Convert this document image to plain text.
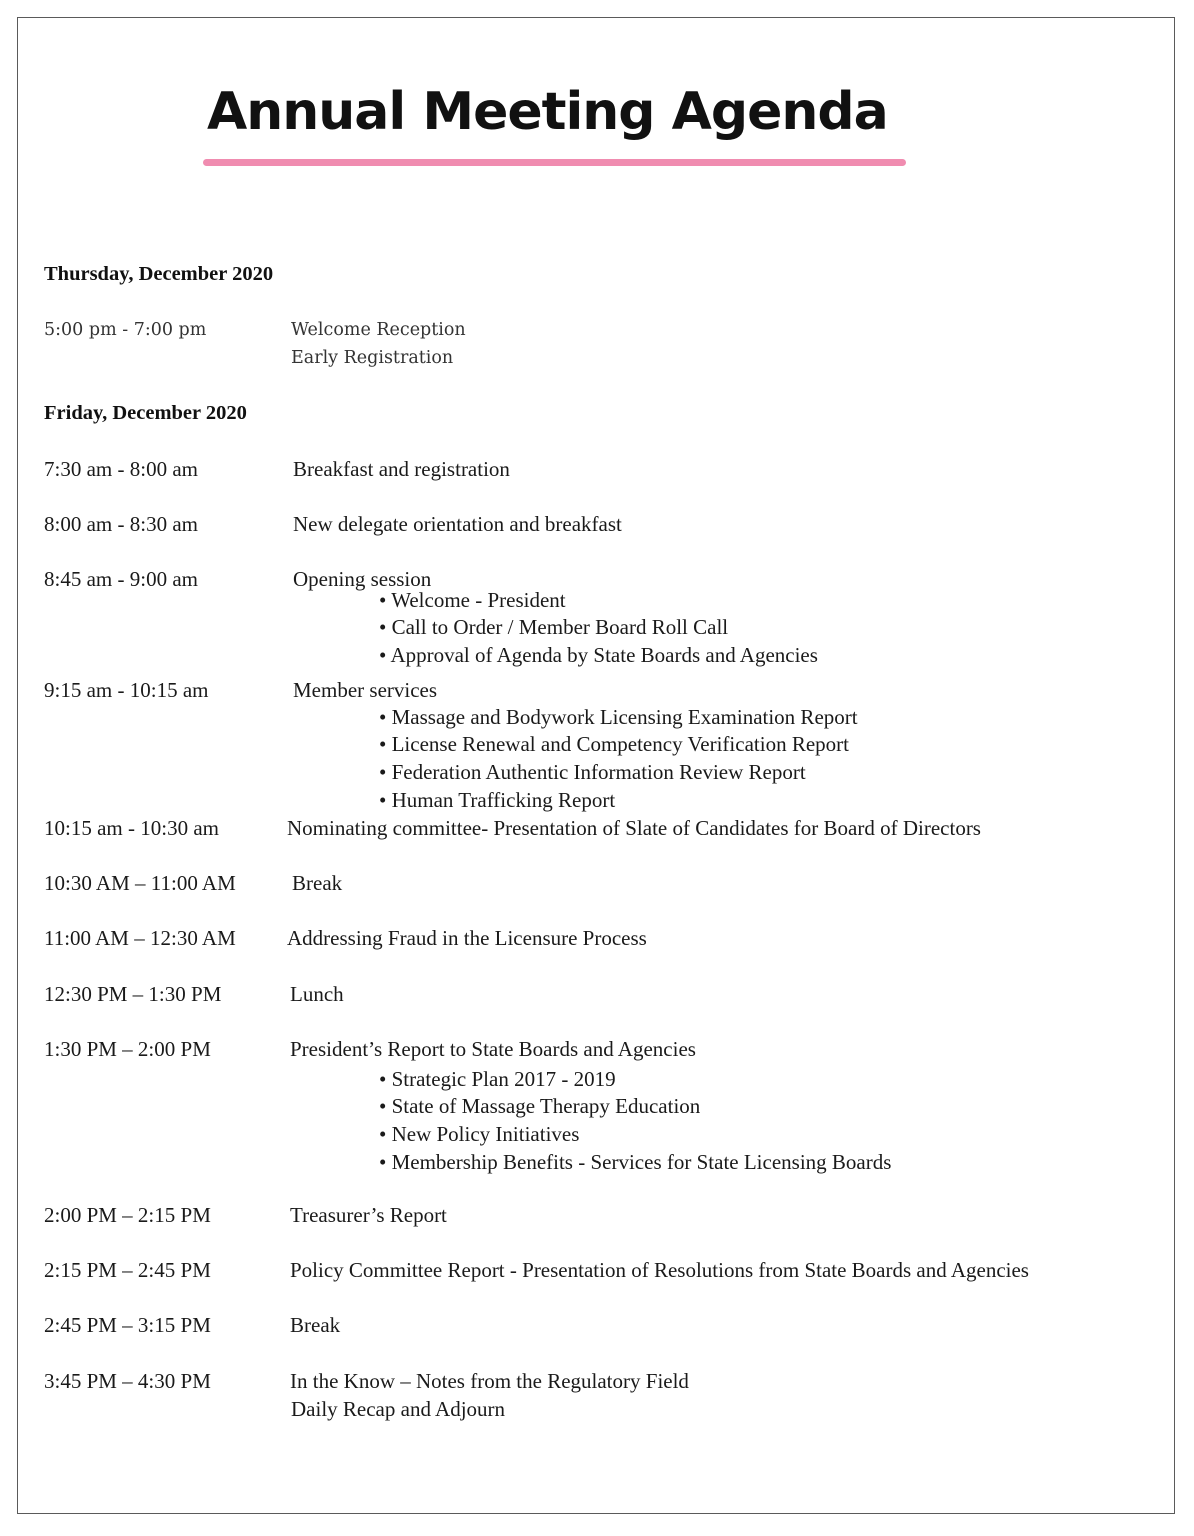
Annual Meeting Agenda
Thursday, December 2020

5:00 pm - 7:00 pm	Welcome Reception

Early Registration

Friday, December 2020

7:30 am - 8:00 am	Breakfast and registration

8:00 am - 8:30 am	New delegate orientation and breakfast

8:45 am - 9:00 am	Opening session

• Welcome - President

• Call to Order / Member Board Roll Call

• Approval of Agenda by State Boards and Agencies

9:15 am - 10:15 am	Member services

• Massage and Bodywork Licensing Examination Report

• License Renewal and Competency Verification Report

• Federation Authentic Information Review Report

• Human Trafficking Report

10:15 am - 10:30 am	Nominating committee- Presentation of Slate of Candidates for Board of Directors

10:30 AM – 11:00 AM	Break

11:00 AM – 12:30 AM Addressing Fraud in the Licensure Process

12:30 PM – 1:30 PM	Lunch

1:30 PM – 2:00 PM	President’s Report to State Boards and Agencies

• Strategic Plan 2017 - 2019

• State of Massage Therapy Education

• New Policy Initiatives

• Membership Benefits - Services for State Licensing Boards

2:00 PM – 2:15 PM	Treasurer’s Report

2:15 PM – 2:45 PM	Policy Committee Report - Presentation of Resolutions from State Boards and Agencies

2:45 PM – 3:15 PM	Break

3:45 PM – 4:30 PM	In the Know – Notes from the Regulatory Field

Daily Recap and Adjourn
